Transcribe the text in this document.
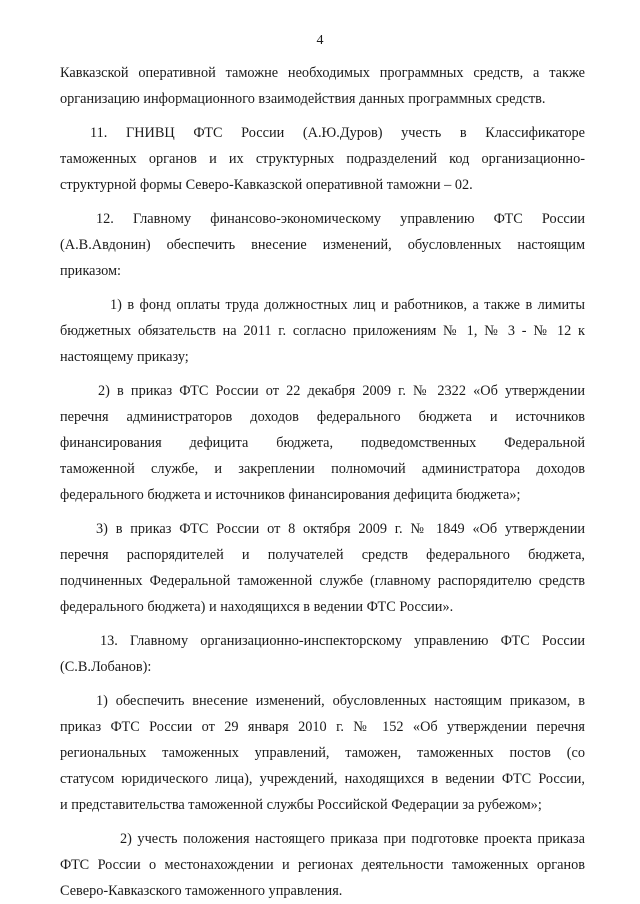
4
Кавказской оперативной таможне необходимых программных средств, а также
организацию информационного взаимодействия данных программных средств.
11. ГНИВЦ ФТС России (А.Ю.Дуров) учесть в Классификаторе
таможенных органов и их структурных подразделений код организационно-
структурной формы Северо-Кавказской оперативной таможни – 02.
12. Главному финансово-экономическому управлению ФТС России
(А.В.Авдонин) обеспечить внесение изменений, обусловленных настоящим
приказом:
1) в фонд оплаты труда должностных лиц и работников, а также в лимиты
бюджетных обязательств на 2011 г. согласно приложениям № 1, № 3 - № 12 к
настоящему приказу;
2) в приказ ФТС России от 22 декабря 2009 г. № 2322 «Об утверждении
перечня администраторов доходов федерального бюджета и источников
финансирования дефицита бюджета, подведомственных Федеральной
таможенной службе, и закреплении полномочий администратора доходов
федерального бюджета и источников финансирования дефицита бюджета»;
3) в приказ ФТС России от 8 октября 2009 г. № 1849 «Об утверждении
перечня распорядителей и получателей средств федерального бюджета,
подчиненных Федеральной таможенной службе (главному распорядителю средств
федерального бюджета) и находящихся в ведении ФТС России».
13. Главному организационно-инспекторскому управлению ФТС России
(С.В.Лобанов):
1) обеспечить внесение изменений, обусловленных настоящим приказом, в
приказ ФТС России от 29 января 2010 г. № 152 «Об утверждении перечня
региональных таможенных управлений, таможен, таможенных постов (со
статусом юридического лица), учреждений, находящихся в ведении ФТС России,
и представительства таможенной службы Российской Федерации за рубежом»;
2) учесть положения настоящего приказа при подготовке проекта приказа
ФТС России о местонахождении и регионах деятельности таможенных органов
Северо-Кавказского таможенного управления.
